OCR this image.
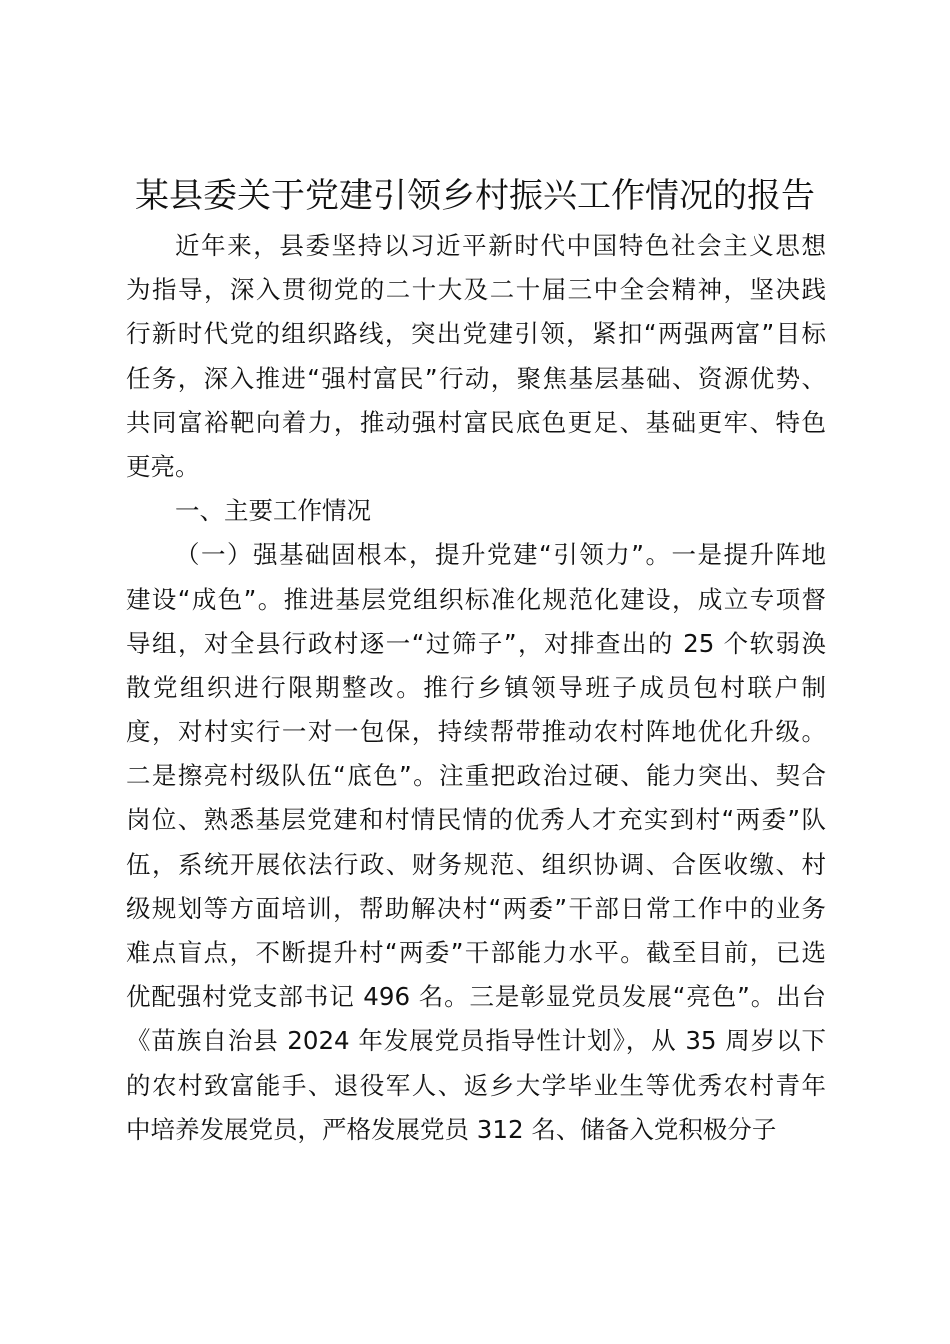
某县委关于党建引领乡村振兴工作情况的报告
近年来，县委坚持以习近平新时代中国特色社会主义思想
为指导，深入贯彻党的二十大及二十届三中全会精神，坚决践
行新时代党的组织路线，突出党建引领，紧扣“两强两富”目标
任务，深入推进“强村富民”行动，聚焦基层基础、资源优势、
共同富裕靶向着力，推动强村富民底色更足、基础更牢、特色
更亮。
一、主要工作情况
（一）强基础固根本，提升党建“引领力”。一是提升阵地
建设“成色”。推进基层党组织标准化规范化建设，成立专项督
导组，对全县行政村逐一“过筛子”，对排查出的 25 个软弱涣
散党组织进行限期整改。推行乡镇领导班子成员包村联户制
度，对村实行一对一包保，持续帮带推动农村阵地优化升级。
二是擦亮村级队伍“底色”。注重把政治过硬、能力突出、契合
岗位、熟悉基层党建和村情民情的优秀人才充实到村“两委”队
伍，系统开展依法行政、财务规范、组织协调、合医收缴、村
级规划等方面培训，帮助解决村“两委”干部日常工作中的业务
难点盲点，不断提升村“两委”干部能力水平。截至目前，已选
优配强村党支部书记 496 名。三是彰显党员发展“亮色”。出台
《苗族自治县 2024 年发展党员指导性计划》，从 35 周岁以下
的农村致富能手、退役军人、返乡大学毕业生等优秀农村青年
中培养发展党员，严格发展党员 312 名、储备入党积极分子
